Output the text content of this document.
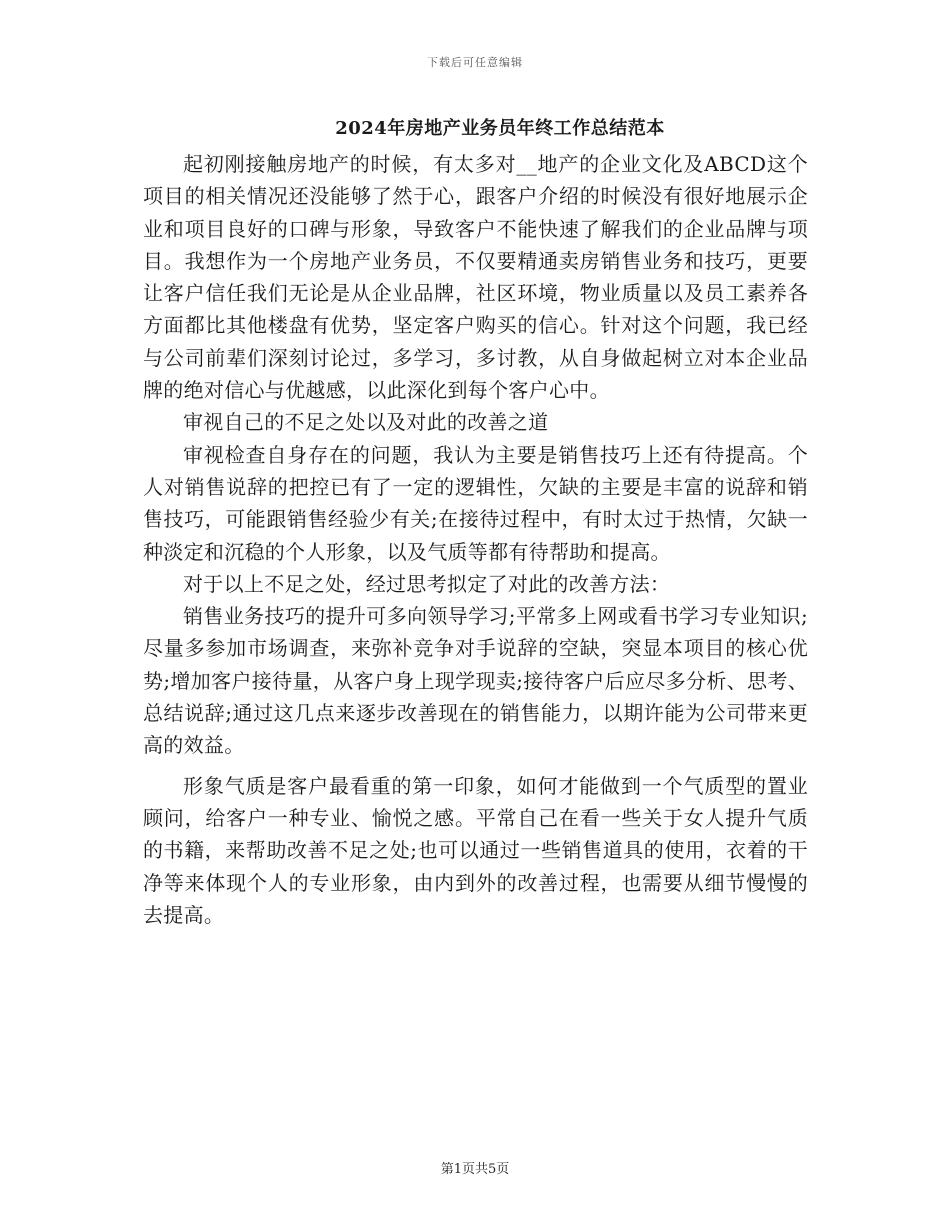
下载后可任意编辑
2024年房地产业务员年终工作总结范本

起初刚接触房地产的时候，有太多对__地产的企业文化及ABCD这个项目的相关情况还没能够了然于心，跟客户介绍的时候没有很好地展示企业和项目良好的口碑与形象，导致客户不能快速了解我们的企业品牌与项目。我想作为一个房地产业务员，不仅要精通卖房销售业务和技巧，更要让客户信任我们无论是从企业品牌，社区环境，物业质量以及员工素养各方面都比其他楼盘有优势，坚定客户购买的信心。针对这个问题，我已经与公司前辈们深刻讨论过，多学习，多讨教，从自身做起树立对本企业品牌的绝对信心与优越感，以此深化到每个客户心中。

审视自己的不足之处以及对此的改善之道

审视检查自身存在的问题，我认为主要是销售技巧上还有待提高。个人对销售说辞的把控已有了一定的逻辑性，欠缺的主要是丰富的说辞和销售技巧，可能跟销售经验少有关;在接待过程中，有时太过于热情，欠缺一种淡定和沉稳的个人形象，以及气质等都有待帮助和提高。

对于以上不足之处，经过思考拟定了对此的改善方法：

销售业务技巧的提升可多向领导学习;平常多上网或看书学习专业知识;尽量多参加市场调查，来弥补竞争对手说辞的空缺，突显本项目的核心优势;增加客户接待量，从客户身上现学现卖;接待客户后应尽多分析、思考、总结说辞;通过这几点来逐步改善现在的销售能力，以期许能为公司带来更高的效益。

形象气质是客户最看重的第一印象，如何才能做到一个气质型的置业顾问，给客户一种专业、愉悦之感。平常自己在看一些关于女人提升气质的书籍，来帮助改善不足之处;也可以通过一些销售道具的使用，衣着的干净等来体现个人的专业形象，由内到外的改善过程，也需要从细节慢慢的去提高。

第1页共5页
